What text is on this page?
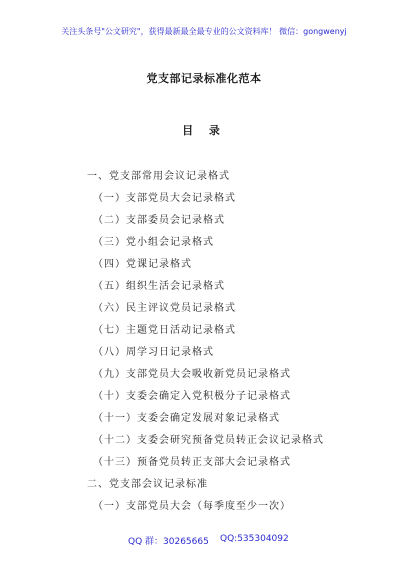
关注头条号"公文研究"，获得最新最全最专业的公文资料库！ 微信：gongwenyj
党支部记录标准化范本
目 录
一、党支部常用会议记录格式
（一）支部党员大会记录格式
（二）支部委员会记录格式
（三）党小组会记录格式
（四）党课记录格式
（五）组织生活会记录格式
（六）民主评议党员记录格式
（七）主题党日活动记录格式
（八）周学习日记录格式
（九）支部党员大会吸收新党员记录格式
（十）支委会确定入党积极分子记录格式
（十一）支委会确定发展对象记录格式
（十二）支委会研究预备党员转正会议记录格式
（十三）预备党员转正支部大会记录格式
二、党支部会议记录标准
（一）支部党员大会（每季度至少一次）
QQ 群：30265665 QQ:535304092
